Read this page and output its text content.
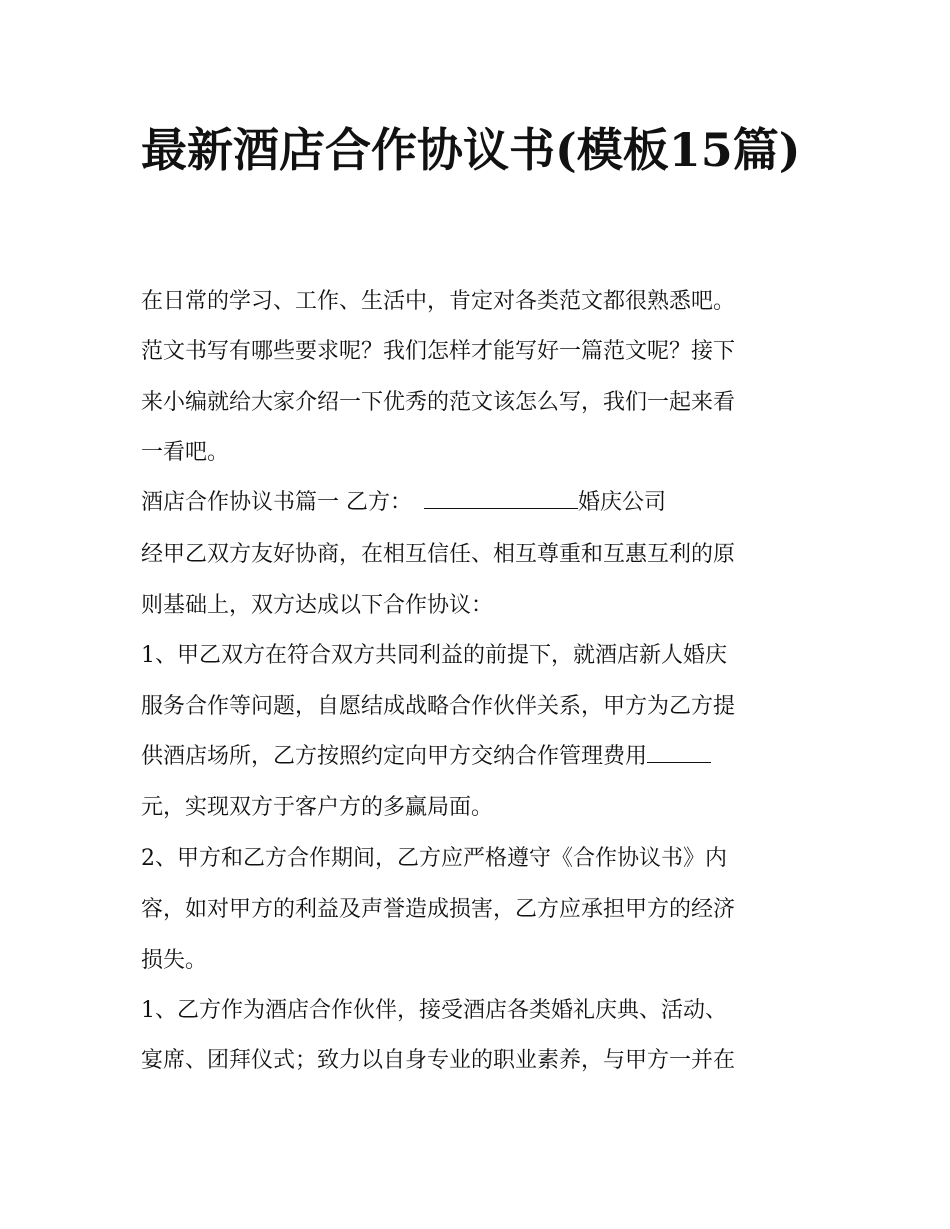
最新酒店合作协议书(模板15篇)

在日常的学习、工作、生活中，肯定对各类范文都很熟悉吧。

范文书写有哪些要求呢？我们怎样才能写好一篇范文呢？接下

来小编就给大家介绍一下优秀的范文该怎么写，我们一起来看

一看吧。

酒店合作协议书篇一 乙方：	婚庆公司

经甲乙双方友好协商，在相互信任、相互尊重和互惠互利的原

则基础上，双方达成以下合作协议：

1、甲乙双方在符合双方共同利益的前提下，就酒店新人婚庆

服务合作等问题，自愿结成战略合作伙伴关系，甲方为乙方提

供酒店场所，乙方按照约定向甲方交纳合作管理费用

元，实现双方于客户方的多赢局面。

2、甲方和乙方合作期间，乙方应严格遵守《合作协议书》内

容，如对甲方的利益及声誉造成损害，乙方应承担甲方的经济

损失。

1、乙方作为酒店合作伙伴，接受酒店各类婚礼庆典、活动、

宴席、团拜仪式；致力以自身专业的职业素养，与甲方一并在
